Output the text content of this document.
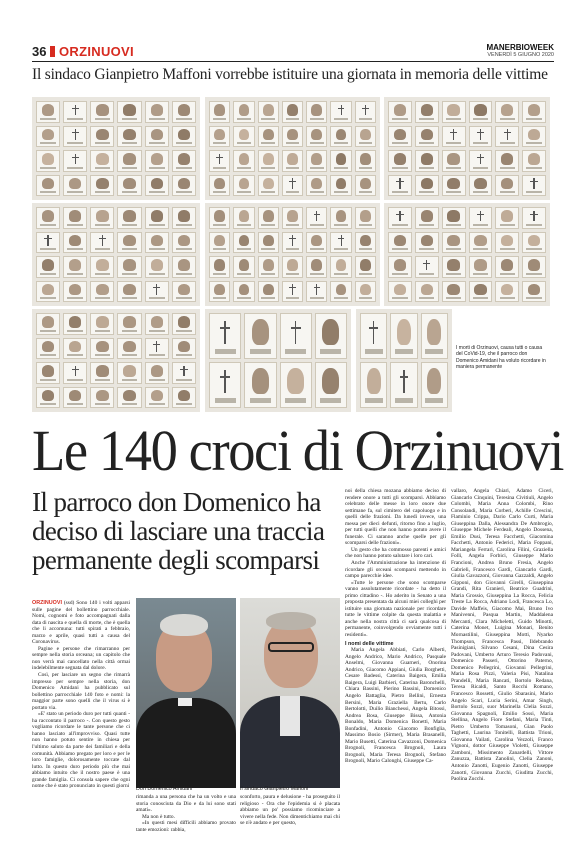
36 ORZINUOVI	MANERBIOWEEK
VENERDÌ 5 GIUGNO 2020
Il sindaco Gianpietro Maffoni vorrebbe istituire una giornata in memoria delle vittime
I morti di Orzinuovi, causa tutti o causa del CoVid-19, che il parroco don Domenico Amidani ha voluto ricordare in maniera permanente
Le 140 croci di Orzinuovi
Il parroco don Domenico ha deciso di lasciare una traccia permanente degli scomparsi

ORZINUOVI (ssd) Sono 140 i volti apparsi sulle pagine del bollettino parrocchiale. Nomi, cognomi e foto accompagnati dalla data di nascita e quella di morte, che è quella che li accomuna: tutti spirati a febbraio, marzo e aprile, quasi tutti a causa del Coronavirus.

Pagine e persone che rimarranno per sempre nella storia orceana; un capitolo che non verrà mai cancellato nella città ormai indelebilmente segnata dal dolore.

Così, per lasciare un segno che rimarrà impresso per sempre nella storia, don Domenico Amidani ha pubblicato sul bollettino parrocchiale 140 foto e nomi: la maggior parte sono quelli che il virus si è portato via.

«E' stato un periodo duro per tutti quanti - ha raccontato il parroco -. Con questo gesto vogliamo ricordare le tante persone che ci hanno lasciato all'improvviso. Quasi tutte non hanno potuto sentire in chiesa per l'ultimo saluto da parte dei familiari e della comunità. Abbiamo pregato per loro e per le loro famiglie, dolorosamente toccate dal lutto. In questo duro periodo più che mai abbiamo intuito che il nostro paese è una grande famiglia. Ci consola sapere che ogni nome che è stato pronunciato in questi giorni Don Domenico Amidani	Il sindaco Gianpietro Maffoni

rimanda a una persona che ha un volto e una storia conosciuta da Dio e da lui sono stati amati».

Ma non è tutto.

«In questi mesi difficili abbiamo provato tante emozioni: rabbia,

sconforto, paura e delusione - ha proseguito il religioso - Ora che l'epidemia si è placata abbiamo un po' possiamo ricominciare a vivere nella fede. Non dimentichiamo mai chi se n'è andato e per questo,

noi della chiesa mozana abbiamo deciso di rendere onore a tutti gli scomparsi. Abbiamo celebrato delle messe in loro onore due settimane fa, sul cimitero del capoluogo e in quelli delle frazioni. Da lunedì invece, una messa per dieci defunti, ritorno fino a luglio, per tutti quelli che non hanno potuto avere il funerale. Ci saranno anche quelle per gli scomparsi delle frazioni».

Un gesto che ha commosso parenti e amici che non hanno potuto salutare i loro cari.

Anche l'Amministrazione ha intenzione di ricordare gli orceani scomparsi mettendo in campo parecchie idee.

«Tutte le persone che sono scomparse vanno assolutamente ricordate - ha detto il primo cittadino -. Ho aderito in Senato a una proposta presentata da alcuni miei colleghi per istituire una giornata nazionale per ricordare tutte le vittime colpite da questa malattia e anche nella nostra città ci sarà qualcosa di permanente, coinvolgendo ovviamente tutti i residenti».

I nomi delle vittime

Maria Angela Abbiati, Carlo Alberti, Angelo Andrico, Mario Andrico, Pasquale Anselmi, Giovanna Guarneri, Onorina Andrico, Giacomo Appiani, Giulia Borghetti, Cesare Badessi, Caterina Baigera, Emilia Baigera, Luigi Barbieri, Caterina Baronchelli, Chiara Bassini, Pierino Bassini, Domenico Angelo Battaglia, Pietro Bellini, Ernesta Bersini, Maria Graziella Bertu, Carlo Bertolotti, Duilio Bianchessi, Angela Bitossi, Andrea Bosa, Giuseppe Bissa, Antonia Bonaldo, Maria Domenica Bonetti, Maria Bonfadini, Antonio Giacomo Bonfiglia, Massimo Bosio (Sirmer), Maria Brasanelli, Mario Busetti, Caterina Cavazzoni, Domenica Brognoli, Francesca Brognoli, Laura Brognoli, Maria Teresa Brognoli, Stefano Brognoli, Mario Calonghi, Giuseppe Ca-

vallaro, Angela Chiari, Adamo Ciceri, Giancarlo Cinquini, Teresina Civitiuli, Angelo Colombi, Maria Anna Colombi, Rino Consolandi, Maria Corberi, Achille Crescini, Flaminio Crippa, Dario Carlo Curti, Maria Giuseppina Dalla, Alessandra De Ambrogio, Giuseppe Michele Ferdeali, Angelo Dossena, Emilio Dusi, Teresa Facchetti, Giacomina Facchetti, Antonio Federici, Maria Foppani, Mariangela Ferrari, Carolina Filini, Graziella Folli, Angela Forbici, Giuseppe Mario Francioni, Andrea Bruno Fresia, Angelo Gabrieli, Francesco Gardi, Giancarlo Gardi, Giulia Gavazzoni, Giovanna Gazzaldi, Angelo Gipponi, don Giovanni Girelli, Giuseppina Grandi, Rita Granieri, Beatrice Guadrini, Maria Grossio, Giuseppina La Rocca, Felicia Treste La Rocca, Adriano Lodi, Francesca Lo, Davide Maffeis, Giacomo Mai, Bruno Ivo Manivenni, Pasqua Martin, Maddalena Mercanti, Clara Micheletti, Guido Minotti, Caterina Monet, Luigina Monari, Benito Mornastilini, Giuseppina Motti, Nyarko Thompson, Francesca Passi, Ildebrando Pasinigiani, Silvano Cesani, Dina Cesira Padovani, Umberto Arturo Teresio Padovani, Domenico Passeri, Ottorino Paterno, Domenico Pellegrini, Giovanni Pellegrini, Maria Rosa Pizzi, Valeria Pisi, Natalina Prandelli, Maria Rancati, Bortolo Redana, Teresa Ricaldi, Santo Rocchi Romano, Francesco Rossetti, Giulio Sbarasini, Mario Angelo Scari, Lucia Serini, Amar Singh, Bortolo Sozzi, suor Marinella Clelia Sozzi, Giovanna Spagnoli, Emilio Sossi, Maria Stellina, Angelo Fiore Stefani, Maria Tinti, Pietro Umberto Tomasoni, Gian Paolo Taghetti, Laurina Tonitelli, Battista Trioni, Giovanna Vailati, Carolina Vezzoli, Franco Vignoni, dottor Giuseppe Violetti, Giuseppe Zamboni, Missimento Zanardelli, Vittore Zanuzza, Battista Zanolini, Clelia Zanoni, Antonio Zanotti, Eugenio Zanotti, Giuseppe Zanotti, Giovanna Zucchi, Giuditta Zucchi, Paolina Zucchi.
